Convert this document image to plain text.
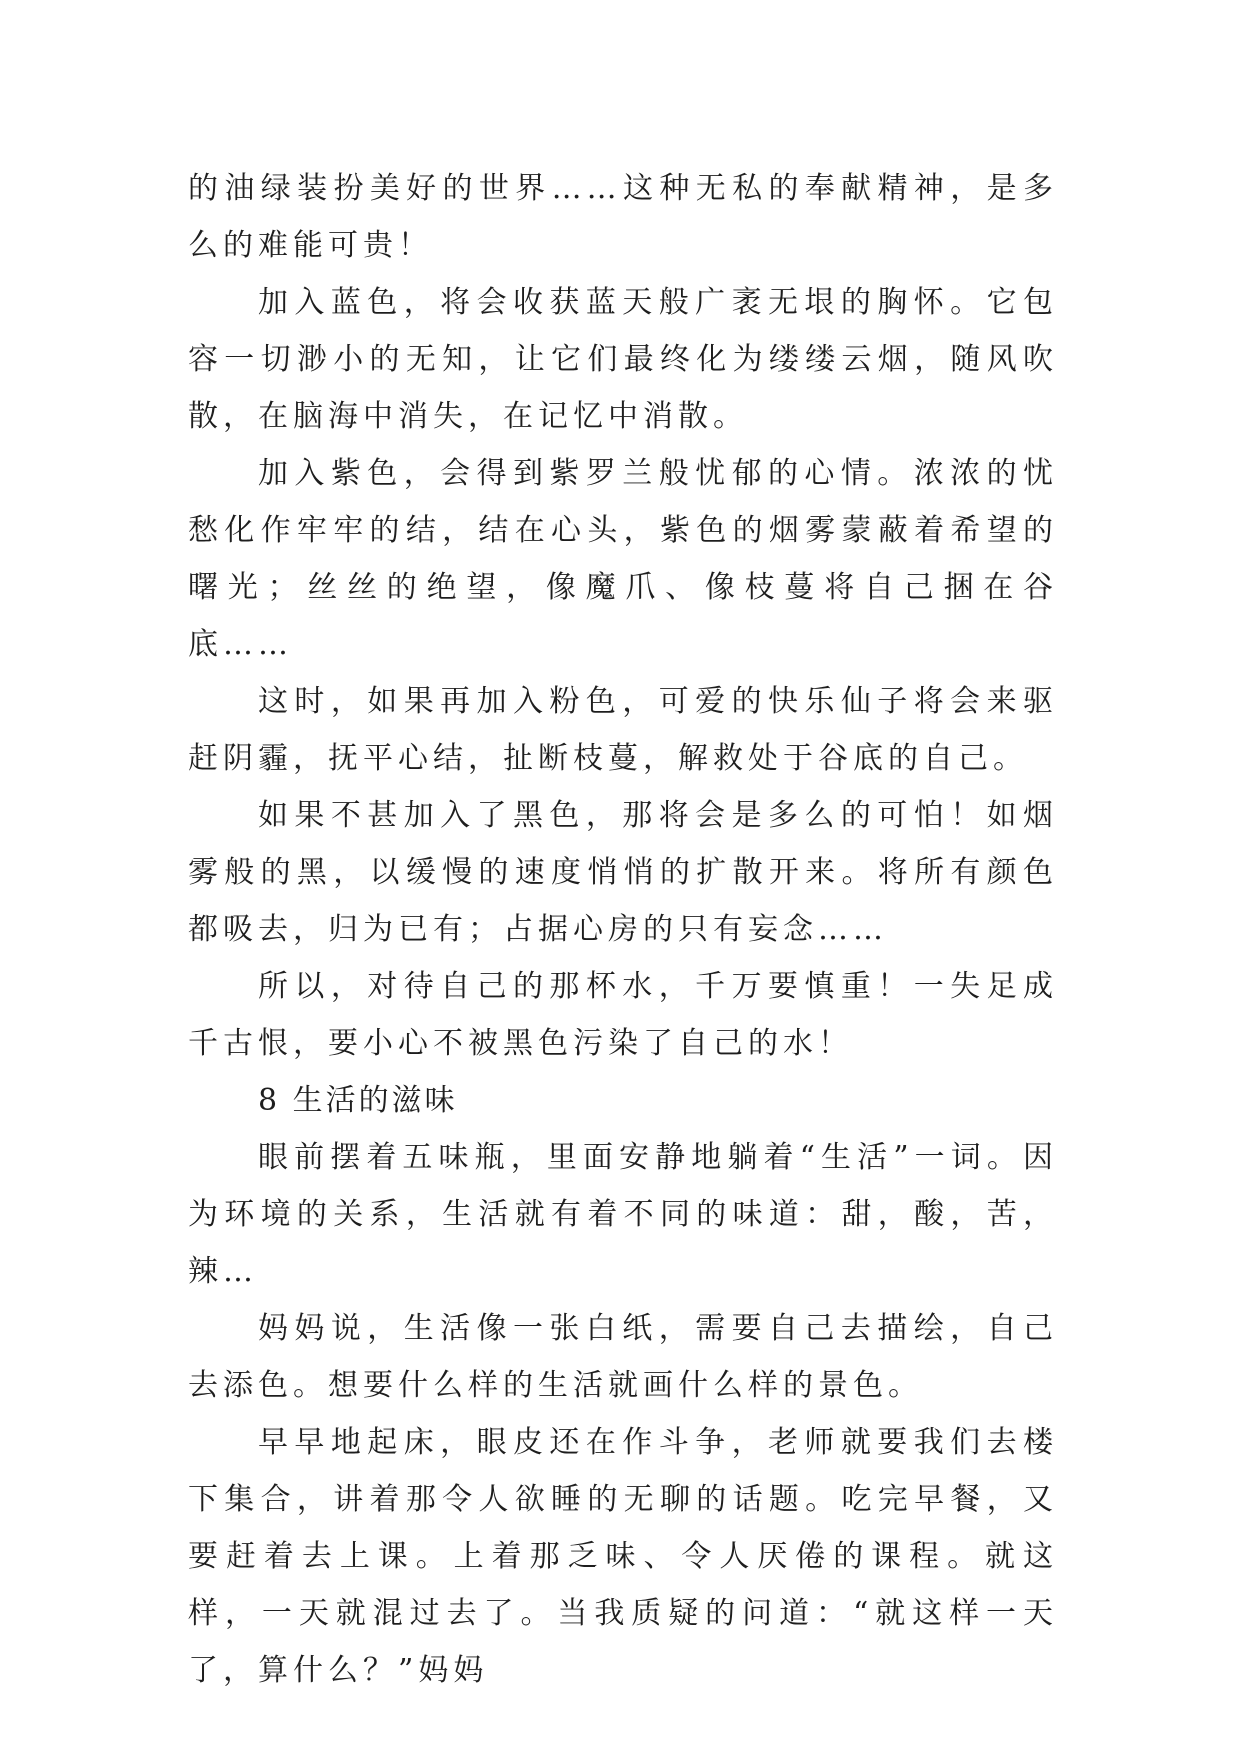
的油绿装扮美好的世界……这种无私的奉献精神，是多么的难能可贵！

加入蓝色，将会收获蓝天般广袤无垠的胸怀。它包容一切渺小的无知，让它们最终化为缕缕云烟，随风吹散，在脑海中消失，在记忆中消散。

加入紫色，会得到紫罗兰般忧郁的心情。浓浓的忧愁化作牢牢的结，结在心头，紫色的烟雾蒙蔽着希望的曙光；丝丝的绝望，像魔爪、像枝蔓将自己捆在谷底……

这时，如果再加入粉色，可爱的快乐仙子将会来驱赶阴霾，抚平心结，扯断枝蔓，解救处于谷底的自己。

如果不甚加入了黑色，那将会是多么的可怕！如烟雾般的黑，以缓慢的速度悄悄的扩散开来。将所有颜色都吸去，归为已有；占据心房的只有妄念……

所以，对待自己的那杯水，千万要慎重！一失足成千古恨，要小心不被黑色污染了自己的水！

8 生活的滋味

眼前摆着五味瓶，里面安静地躺着“生活”一词。因为环境的关系，生活就有着不同的味道：甜，酸，苦，辣…

妈妈说，生活像一张白纸，需要自己去描绘，自己去添色。想要什么样的生活就画什么样的景色。

早早地起床，眼皮还在作斗争，老师就要我们去楼下集合，讲着那令人欲睡的无聊的话题。吃完早餐，又要赶着去上课。上着那乏味、令人厌倦的课程。就这样，一天就混过去了。当我质疑的问道：“就这样一天了，算什么？”妈妈
